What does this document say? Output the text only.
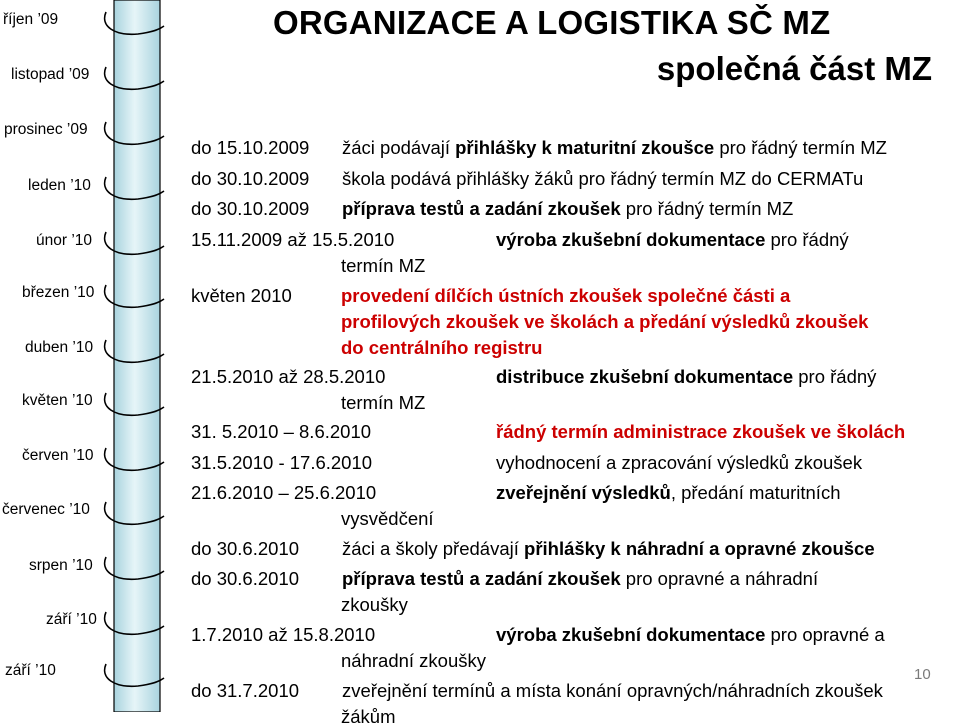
říjen ’09
listopad ’09
prosinec ’09
leden ’10
únor ’10
březen ’10
duben ’10
květen ’10
červen ’10
červenec ’10
srpen ’10
září ’10
září ’10
ORGANIZACE A LOGISTIKA SČ MZ
společná část MZ
do 15.10.2009 žáci podávají přihlášky k maturitní zkoušce pro řádný termín MZ
do 30.10.2009 škola podává přihlášky žáků pro řádný termín MZ do CERMATu
do 30.10.2009 příprava testů a zadání zkoušek pro řádný termín MZ
15.11.2009 až 15.5.2010	výroba zkušební dokumentace pro řádný
termín MZ
květen 2010	provedení dílčích ústních zkoušek společné části a
profilových zkoušek ve školách a předání výsledků zkoušek
do centrálního registru
21.5.2010 až 28.5.2010	distribuce zkušební dokumentace pro řádný
termín MZ
31. 5.2010 – 8.6.2010	řádný termín administrace zkoušek ve školách
31.5.2010 - 17.6.2010	vyhodnocení a zpracování výsledků zkoušek
21.6.2010 – 25.6.2010	zveřejnění výsledků, předání maturitních
vysvědčení
do 30.6.2010 žáci a školy předávají přihlášky k náhradní a opravné zkoušce
do 30.6.2010 příprava testů a zadání zkoušek pro opravné a náhradní
zkoušky
1.7.2010 až 15.8.2010	výroba zkušební dokumentace pro opravné a
náhradní zkoušky
do 31.7.2010 zveřejnění termínů a místa konání opravných/náhradních zkoušek
žákům
10
